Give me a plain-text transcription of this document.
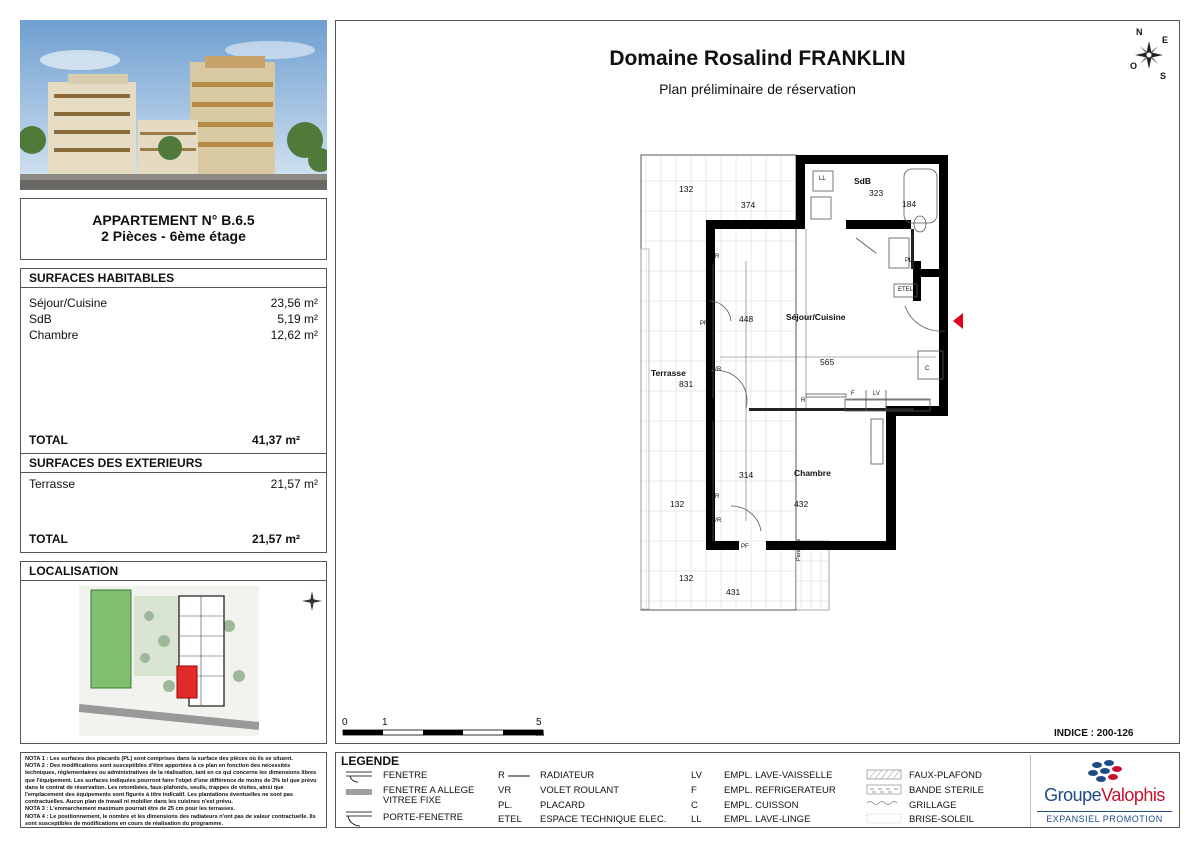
APPARTEMENT N° B.6.5
2 Pièces - 6ème étage
SURFACES HABITABLES
Séjour/Cuisine	23,56 m²
SdB	5,19 m²
Chambre	12,62 m²
TOTAL	41,37 m²
SURFACES DES EXTERIEURS
Terrasse	21,57 m²
TOTAL	21,57 m²
LOCALISATION
NOTA 1 : Les surfaces des placards (PL) sont comprises dans la surface des pièces où ils se situent.
NOTA 2 : Des modifications sont susceptibles d'être apportées à ce plan en fonction des nécessités techniques, réglementaires ou administratives de la réalisation, tant en ce qui concerne les dimensions libres que l'équipement. Les surfaces indiquées pourront faire l'objet d'une différence de moins de 3% tel que prévu dans le contrat de réservation. Les retombées, faux-plafonds, seuils, trappes de visites, ainsi que l'emplacement des équipements sont figurés à titre indicatif. Les plantations éventuelles ne sont pas contractuelles. Aucun plan de travail ni mobilier dans les cuisines n'est prévu.
NOTA 3 : L'emmarchement maximum pourrait être de 25 cm pour les terrasses.
NOTA 4 : Le positionnement, le nombre et les dimensions des radiateurs n'ont pas de valeur contractuelle. Ils sont susceptibles de modifications en cours de réalisation du programme.
Domaine Rosalind FRANKLIN
Plan préliminaire de réservation
N
E
S
O
SdB
Séjour/Cuisine
Chambre
Terrasse
132
374
323
184
448
565
831
314
432
132
132
431
LL
PL
ETEL
PF
PF
VR
VR
R
R
R
F	LV
C
Pare-vue
0	1	5
INDICE : 200-126
LEGENDE
FENETRE
FENETRE A ALLEGE VITREE FIXE
PORTE-FENETRE
R	RADIATEUR
VR	VOLET ROULANT
PL.	PLACARD
ETEL ESPACE TECHNIQUE ELEC.
LV EMPL. LAVE-VAISSELLE
F	EMPL. REFRIGERATEUR
C	EMPL. CUISSON
LL EMPL. LAVE-LINGE
FAUX-PLAFOND
BANDE STERILE
GRILLAGE
BRISE-SOLEIL
GroupeValophis
EXPANSIEL PROMOTION
